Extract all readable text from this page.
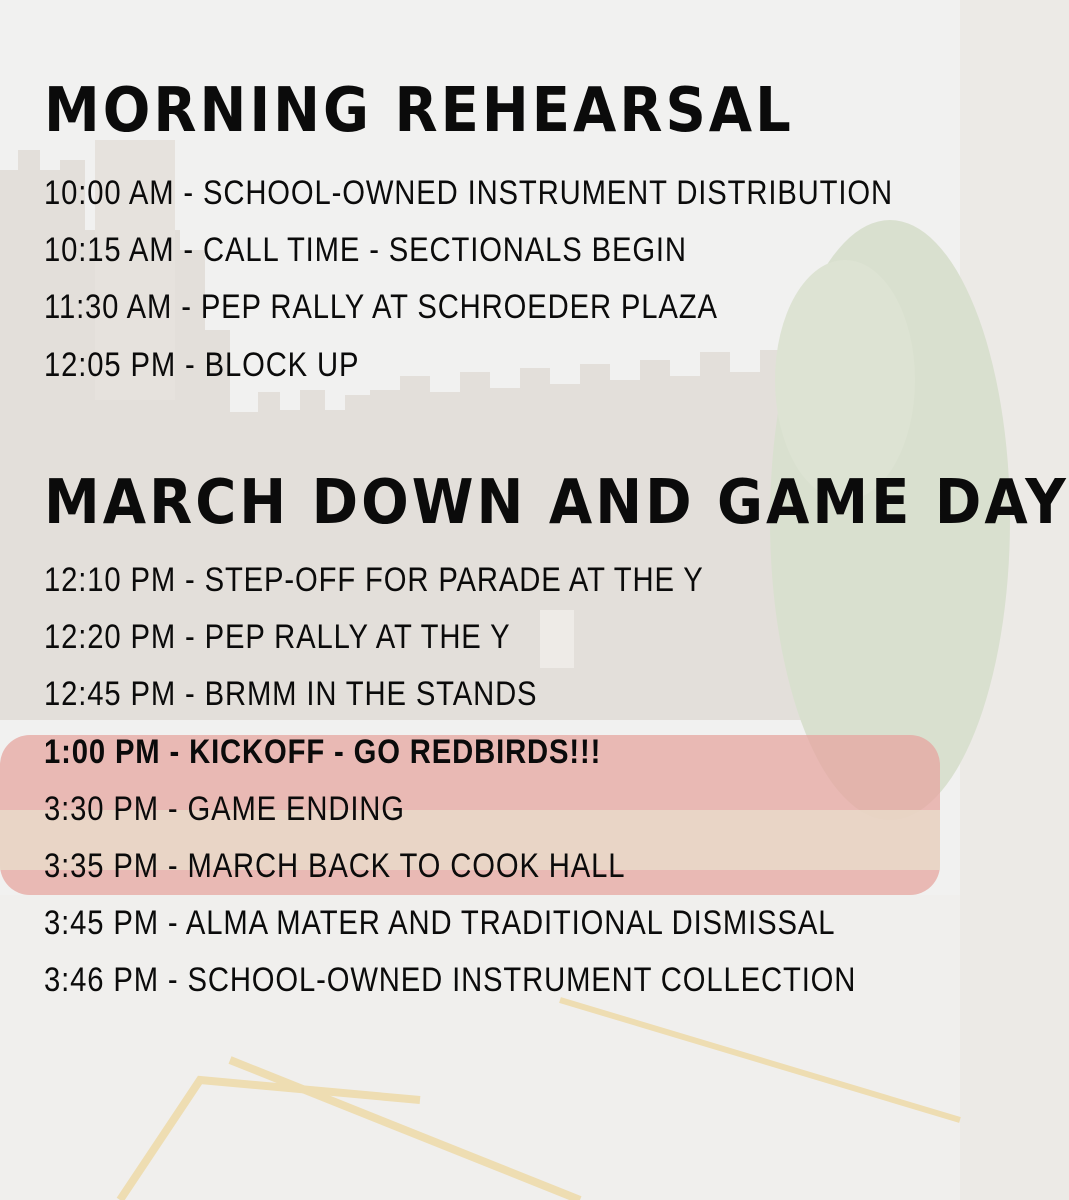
MORNING REHEARSAL
10:00 AM - SCHOOL-OWNED INSTRUMENT DISTRIBUTION
10:15 AM - CALL TIME - SECTIONALS BEGIN
11:30 AM - PEP RALLY AT SCHROEDER PLAZA
12:05 PM - BLOCK UP
MARCH DOWN AND GAME DAY
12:10 PM - STEP-OFF FOR PARADE AT THE Y
12:20 PM - PEP RALLY AT THE Y
12:45 PM - BRMM IN THE STANDS
1:00 PM - KICKOFF - GO REDBIRDS!!!
3:30 PM - GAME ENDING
3:35 PM - MARCH BACK TO COOK HALL
3:45 PM - ALMA MATER AND TRADITIONAL DISMISSAL
3:46 PM - SCHOOL-OWNED INSTRUMENT COLLECTION
